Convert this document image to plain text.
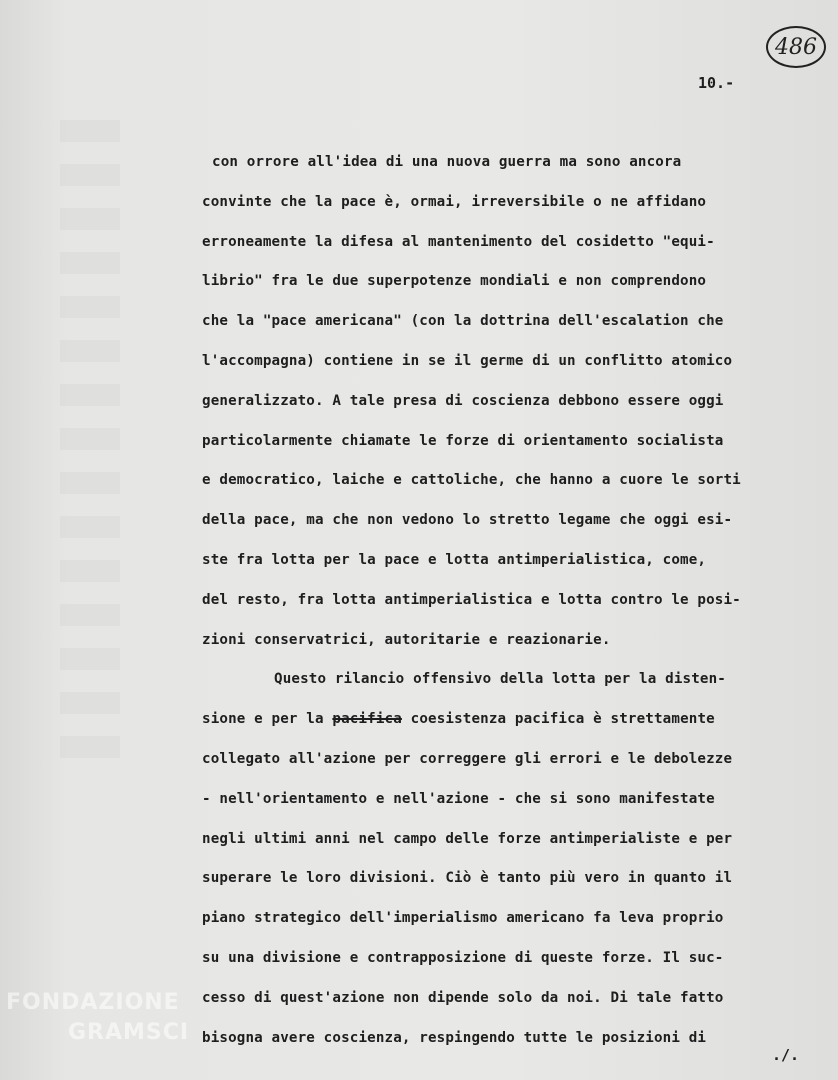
486
10.-
con orrore all'idea di una nuova guerra ma sono ancora
convinte che la pace è, ormai, irreversibile o ne affidano
erroneamente la difesa al mantenimento del cosidetto "equi-
librio" fra le due superpotenze mondiali e non comprendono
che la "pace americana" (con la dottrina dell'escalation che
l'accompagna) contiene in se il germe di un conflitto atomico
generalizzato. A tale presa di coscienza debbono essere oggi
particolarmente chiamate le forze di orientamento socialista
e democratico, laiche e cattoliche, che hanno a cuore le sorti
della pace, ma che non vedono lo stretto legame che oggi esi-
ste fra lotta per la pace e lotta antimperialistica, come,
del resto, fra lotta antimperialistica e lotta contro le posi-
zioni conservatrici, autoritarie e reazionarie.
Questo rilancio offensivo della lotta per la disten-
sione e per la pacifica coesistenza pacifica è strettamente
collegato all'azione per correggere gli errori e le debolezze
- nell'orientamento e nell'azione - che si sono manifestate
negli ultimi anni nel campo delle forze antimperialiste e per
superare le loro divisioni. Ciò è tanto più vero in quanto il
piano strategico dell'imperialismo americano fa leva proprio
su una divisione e contrapposizione di queste forze. Il suc-
cesso di quest'azione non dipende solo da noi. Di tale fatto
bisogna avere coscienza, respingendo tutte le posizioni di
./.
FONDAZIONE
GRAMSCI
